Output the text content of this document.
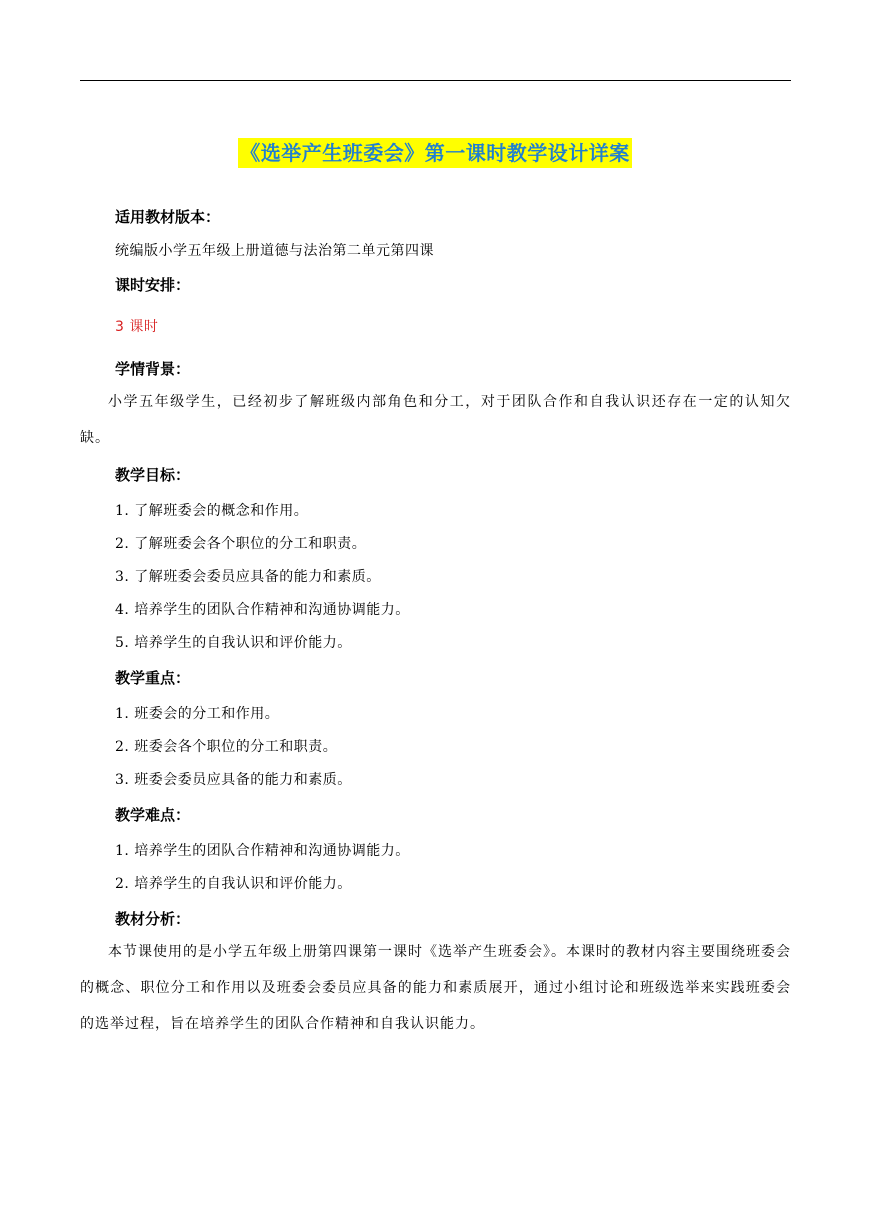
《选举产生班委会》第一课时教学设计详案

适用教材版本：

统编版小学五年级上册道德与法治第二单元第四课

课时安排：

3 课时

学情背景：

小学五年级学生，已经初步了解班级内部角色和分工，对于团队合作和自我认识还存在一定的认知欠缺。

教学目标：

1. 了解班委会的概念和作用。

2. 了解班委会各个职位的分工和职责。

3. 了解班委会委员应具备的能力和素质。

4. 培养学生的团队合作精神和沟通协调能力。

5. 培养学生的自我认识和评价能力。

教学重点：

1. 班委会的分工和作用。

2. 班委会各个职位的分工和职责。

3. 班委会委员应具备的能力和素质。

教学难点：

1. 培养学生的团队合作精神和沟通协调能力。

2. 培养学生的自我认识和评价能力。

教材分析：

本节课使用的是小学五年级上册第四课第一课时《选举产生班委会》。本课时的教材内容主要围绕班委会的概念、职位分工和作用以及班委会委员应具备的能力和素质展开，通过小组讨论和班级选举来实践班委会的选举过程，旨在培养学生的团队合作精神和自我认识能力。
